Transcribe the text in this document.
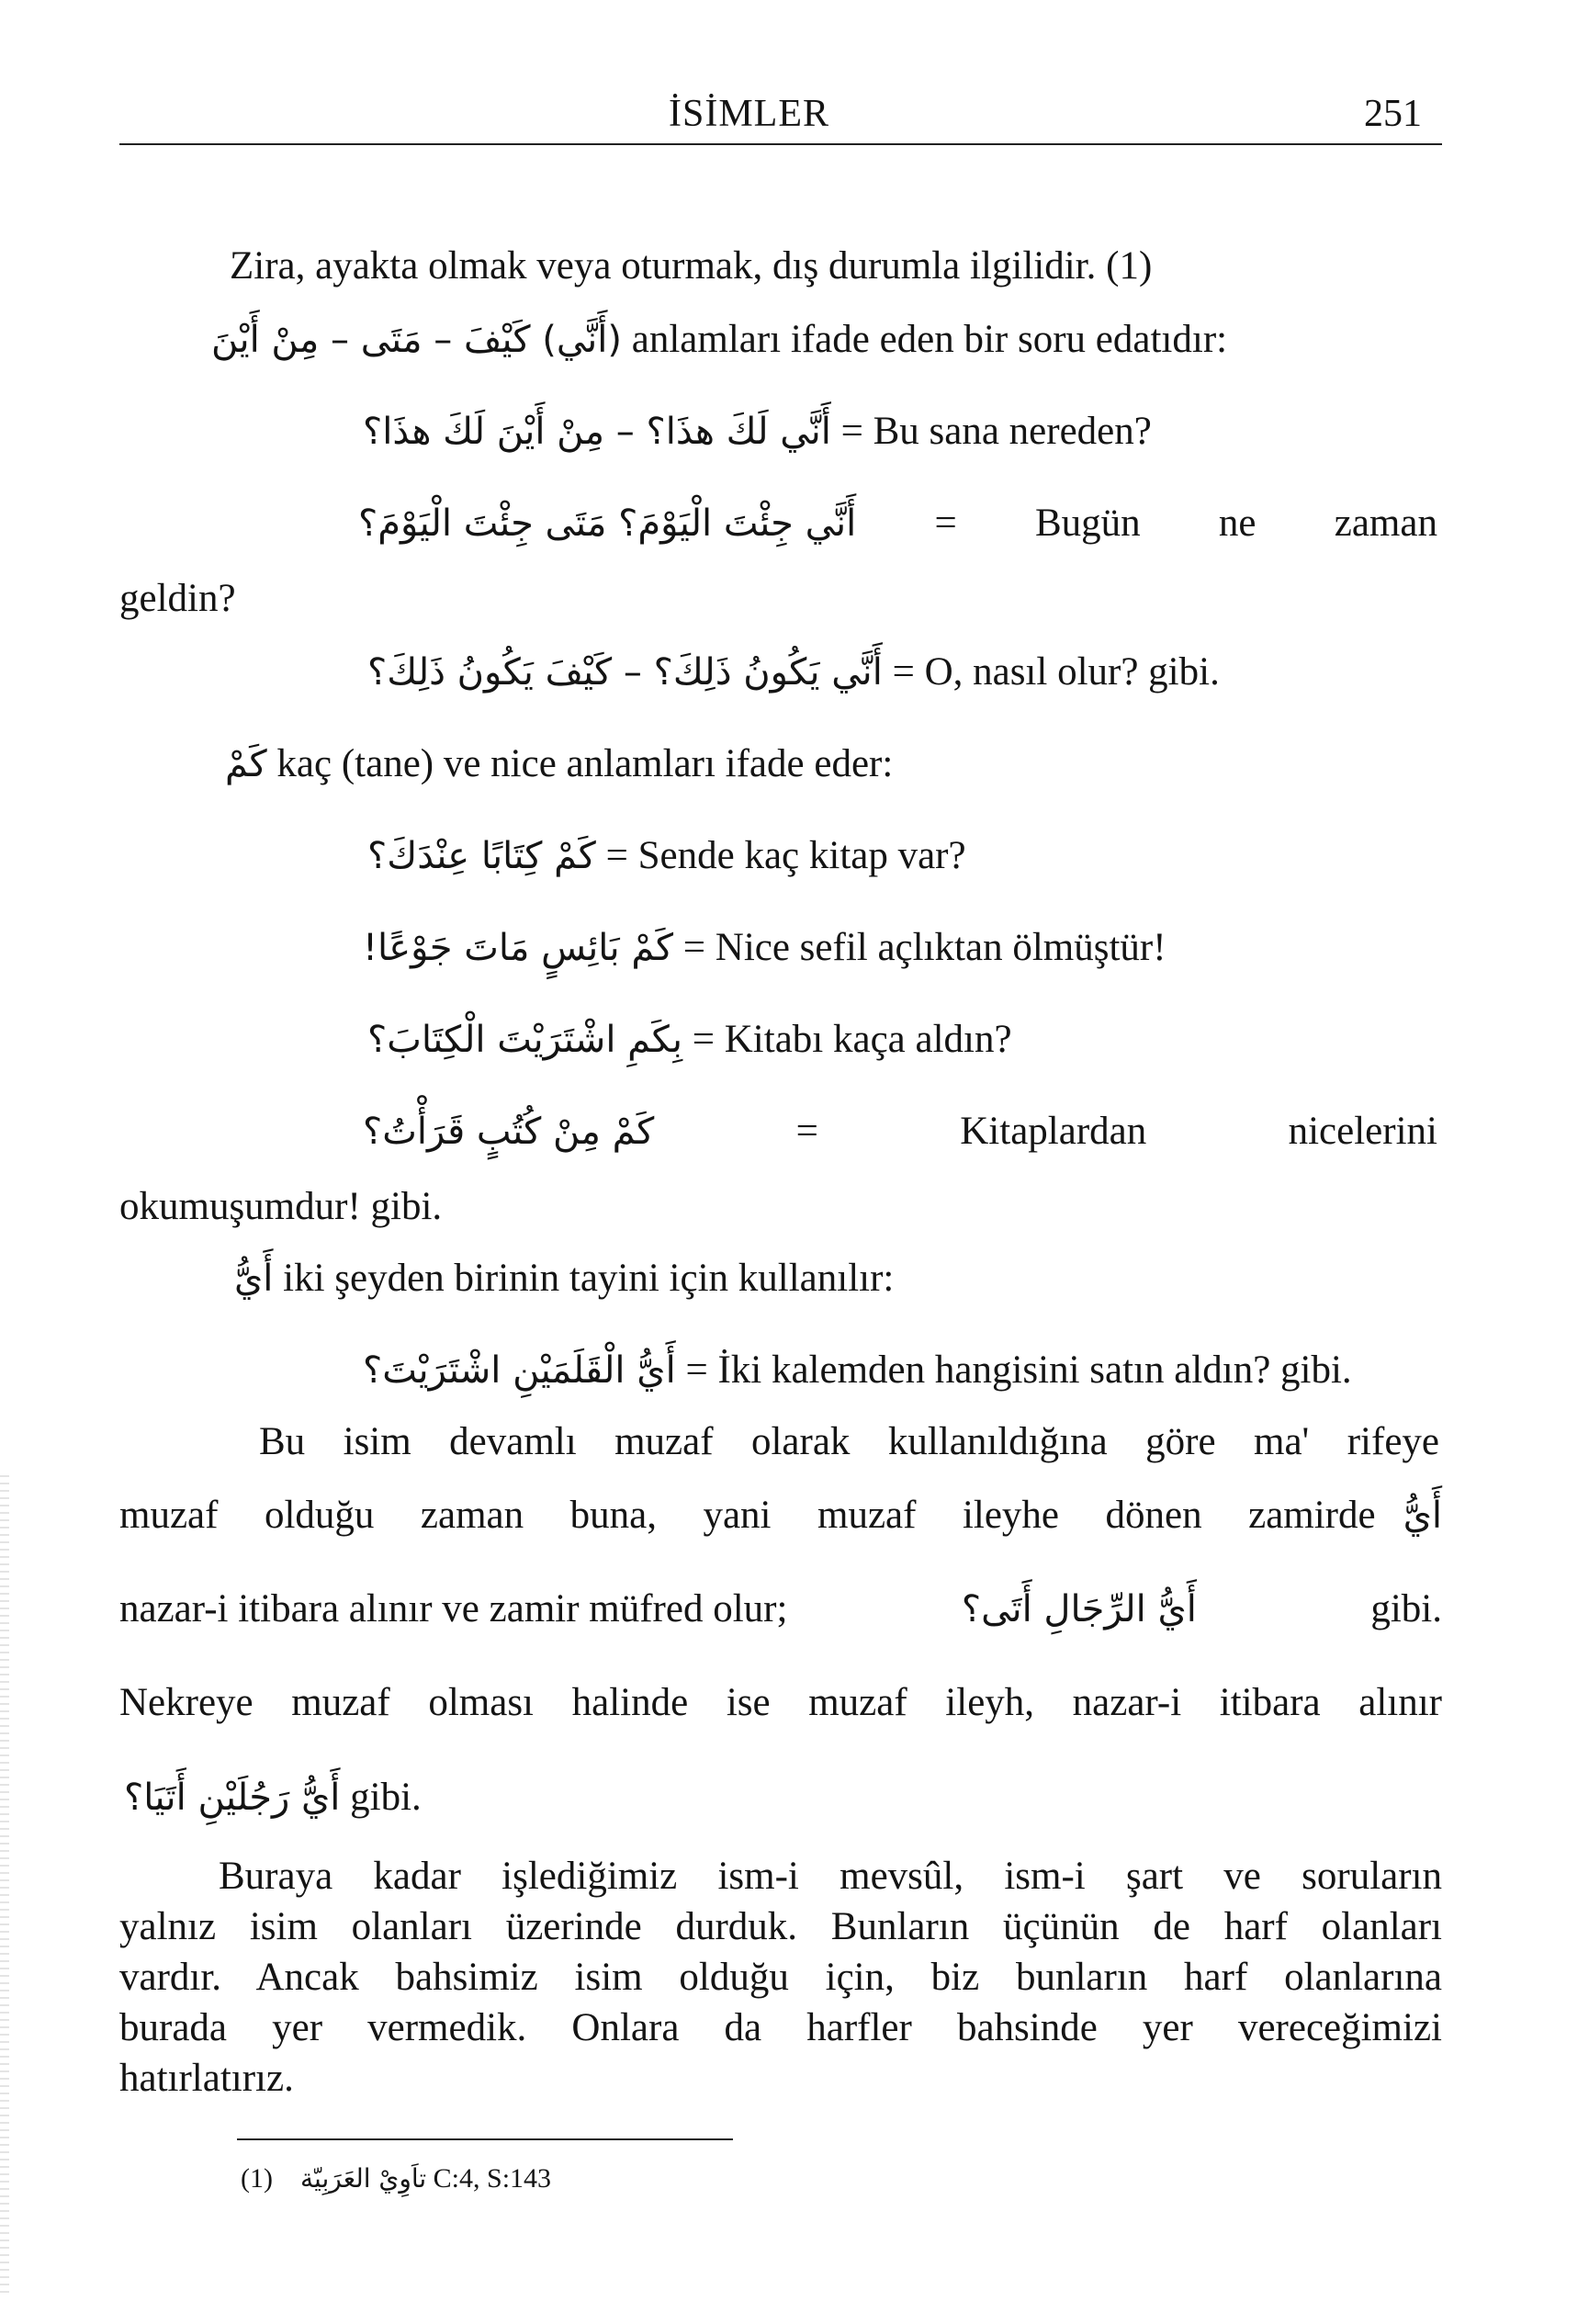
İSİMLER	251
Zira, ayakta olmak veya oturmak, dış durumla ilgilidir. (1)
(أَنَّي) كَيْفَ – مَتَى – مِنْ أَيْنَ anlamları ifade eden bir soru edatıdır:
أَنَّي لَكَ هذَا؟ – مِنْ أَيْنَ لَكَ هذَا؟ = Bu sana nereden?
أَنَّي جِئْتَ الْيَوْمَ؟ مَتَى جِئْتَ الْيَوْمَ؟ = Bugün ne zaman
geldin?
أَنَّي يَكُونُ ذَلِكَ؟ – كَيْفَ يَكُونُ ذَلِكَ؟ = O, nasıl olur? gibi.
كَمْ kaç (tane) ve nice anlamları ifade eder:
كَمْ كِتَابًا عِنْدَكَ؟ = Sende kaç kitap var?
كَمْ بَائِسٍ مَاتَ جَوْعًا! = Nice sefil açlıktan ölmüştür!
بِكَمِ اشْتَرَيْتَ الْكِتَابَ؟ = Kitabı kaça aldın?
كَمْ مِنْ كُتُبٍ قَرَأْتُ؟	=	Kitaplardan	nicelerini
okumuşumdur! gibi.
أَيُّ iki şeyden birinin tayini için kullanılır:
أَيُّ الْقَلَمَيْنِ اشْتَرَيْتَ؟ = İki kalemden hangisini satın aldın? gibi.
Bu isim devamlı muzaf olarak kullanıldığına göre ma' rifeye
muzaf olduğu zaman buna, yani muzaf ileyhe dönen zamirde أَيُّ
nazar-i itibara alınır ve zamir müfred olur;	أَيُّ الرِّجَالِ أَتَى؟	gibi.
Nekreye muzaf olması halinde ise muzaf ileyh, nazar-i itibara alınır
أَيُّ رَجُلَيْنِ أَتَيَا؟ gibi.
Buraya kadar işlediğimiz ism-i mevsûl, ism-i şart ve soruların
yalnız isim olanları üzerinde durduk. Bunların üçünün de harf olanları
vardır. Ancak bahsimiz isim olduğu için, biz bunların harf olanlarına
burada yer vermedik. Onlara da harfler bahsinde yer vereceğimizi
hatırlatırız.
(1) تاَوِيْ العَرَبِيّة C:4, S:143
